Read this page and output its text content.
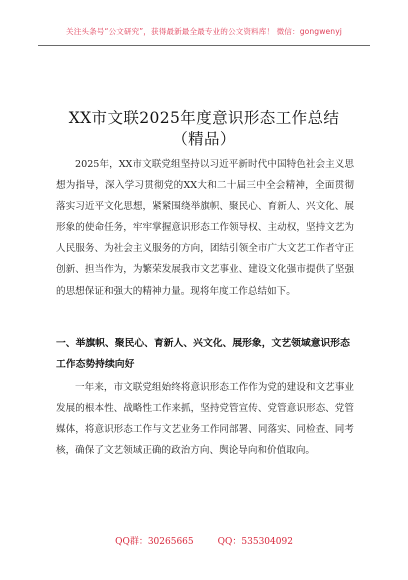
关注头条号“公文研究”，获得最新最全最专业的公文资料库！ 微信：gongwenyj
XX市文联2025年度意识形态工作总结
（精品）
2025年，XX市文联党组坚持以习近平新时代中国特色社会主义思想为指导，深入学习贯彻党的XX大和二十届三中全会精神，全面贯彻落实习近平文化思想，紧紧围绕举旗帜、聚民心、育新人、兴文化、展形象的使命任务，牢牢掌握意识形态工作领导权、主动权，坚持文艺为人民服务、为社会主义服务的方向，团结引领全市广大文艺工作者守正创新、担当作为，为繁荣发展我市文艺事业、建设文化强市提供了坚强的思想保证和强大的精神力量。现将年度工作总结如下。
一、举旗帜、聚民心、育新人、兴文化、展形象，文艺领域意识形态工作态势持续向好
一年来，市文联党组始终将意识形态工作作为党的建设和文艺事业发展的根本性、战略性工作来抓，坚持党管宣传、党管意识形态、党管媒体，将意识形态工作与文艺业务工作同部署、同落实、同检查、同考核，确保了文艺领域正确的政治方向、舆论导向和价值取向。
QQ群：30265665	QQ：535304092
